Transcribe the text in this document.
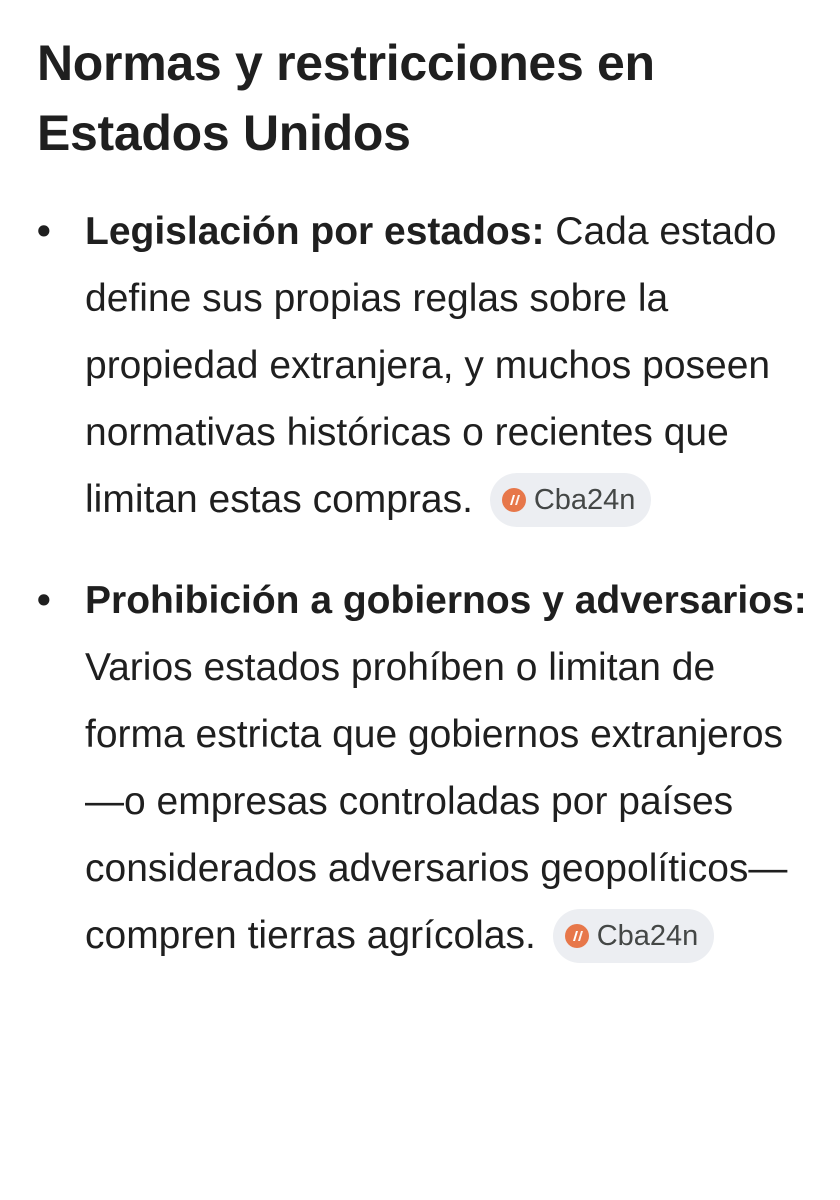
Normas y restricciones en Estados Unidos
• Legislación por estados: Cada estado define sus propias reglas sobre la propiedad extranjera, y muchos poseen normativas históricas o recientes que limitan estas compras. Cba24n
• Prohibición a gobiernos y adversarios: Varios estados prohíben o limitan de forma estricta que gobiernos extranjeros —o empresas controladas por países considerados adversarios geopolíticos— compren tierras agrícolas. Cba24n
